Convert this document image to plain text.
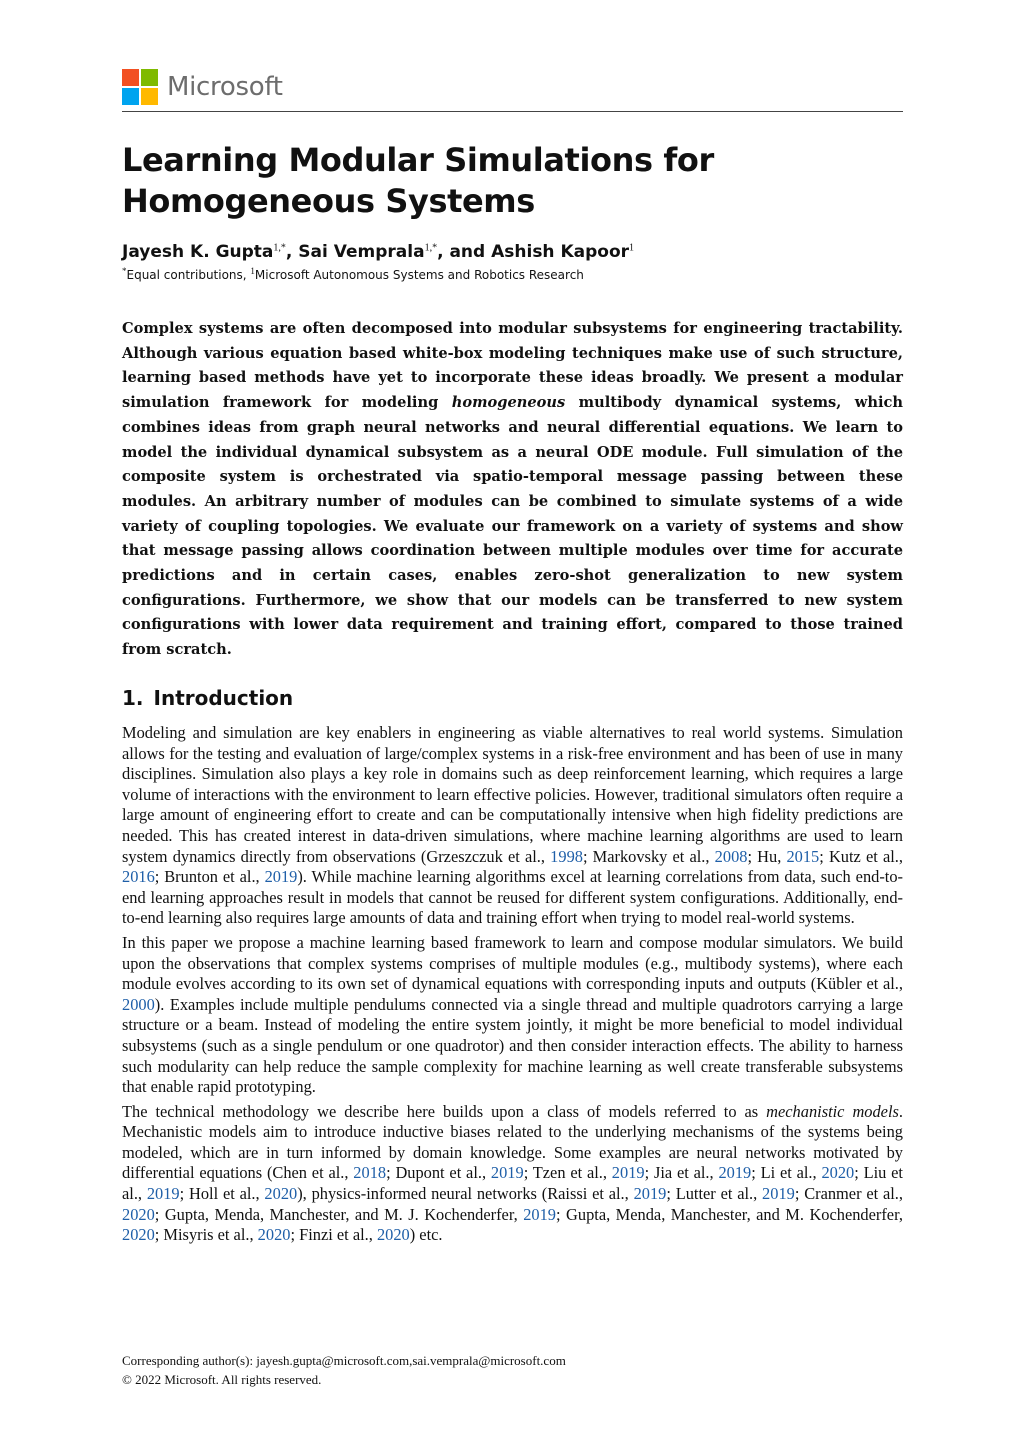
Microsoft
Learning Modular Simulations for
Homogeneous Systems
Jayesh K. Gupta$^{1,*}$, Sai Vemprala$^{1,*}$, and Ashish Kapoor$^1$
*Equal contributions, $^1$Microsoft Autonomous Systems and Robotics Research

Complex systems are often decomposed into modular subsystems for engineering tractability. Although various equation based white-box modeling techniques make use of such structure, learning based methods have yet to incorporate these ideas broadly. We present a modular simulation framework for modeling homogeneous multibody dynamical systems, which combines ideas from graph neural networks and neural differential equations. We learn to model the individual dynamical subsystem as a neural ODE module. Full simulation of the composite system is orchestrated via spatio-temporal message passing between these modules. An arbitrary number of modules can be combined to simulate systems of a wide variety of coupling topologies. We evaluate our framework on a variety of systems and show that message passing allows coordination between multiple modules over time for accurate predictions and in certain cases, enables zero-shot generalization to new system configurations. Furthermore, we show that our models can be transferred to new system configurations with lower data requirement and training effort, compared to those trained from scratch.

1. Introduction

Modeling and simulation are key enablers in engineering as viable alternatives to real world systems. Simulation allows for the testing and evaluation of large/complex systems in a risk-free environment and has been of use in many disciplines. Simulation also plays a key role in domains such as deep reinforcement learning, which requires a large volume of interactions with the environment to learn effective policies. However, traditional simulators often require a large amount of engineering effort to create and can be computationally intensive when high fidelity predictions are needed. This has created interest in data-driven simulations, where machine learning algorithms are used to learn system dynamics directly from observations (Grzeszczuk et al., 1998; Markovsky et al., 2008; Hu, 2015; Kutz et al., 2016; Brunton et al., 2019). While machine learning algorithms excel at learning correlations from data, such end-to-end learning approaches result in models that cannot be reused for different system configurations. Additionally, end-to-end learning also requires large amounts of data and training effort when trying to model real-world systems.

In this paper we propose a machine learning based framework to learn and compose modular simulators. We build upon the observations that complex systems comprises of multiple modules (e.g., multibody systems), where each module evolves according to its own set of dynamical equations with corresponding inputs and outputs (Kübler et al., 2000). Examples include multiple pendulums connected via a single thread and multiple quadrotors carrying a large structure or a beam. Instead of modeling the entire system jointly, it might be more beneficial to model individual subsystems (such as a single pendulum or one quadrotor) and then consider interaction effects. The ability to harness such modularity can help reduce the sample complexity for machine learning as well create transferable subsystems that enable rapid prototyping.

The technical methodology we describe here builds upon a class of models referred to as mechanistic models. Mechanistic models aim to introduce inductive biases related to the underlying mechanisms of the systems being modeled, which are in turn informed by domain knowledge. Some examples are neural networks motivated by differential equations (Chen et al., 2018; Dupont et al., 2019; Tzen et al., 2019; Jia et al., 2019; Li et al., 2020; Liu et al., 2019; Holl et al., 2020), physics-informed neural networks (Raissi et al., 2019; Lutter et al., 2019; Cranmer et al., 2020; Gupta, Menda, Manchester, and M. J. Kochenderfer, 2019; Gupta, Menda, Manchester, and M. Kochenderfer, 2020; Misyris et al., 2020; Finzi et al., 2020) etc.

Corresponding author(s): jayesh.gupta@microsoft.com,sai.vemprala@microsoft.com
© 2022 Microsoft. All rights reserved.
